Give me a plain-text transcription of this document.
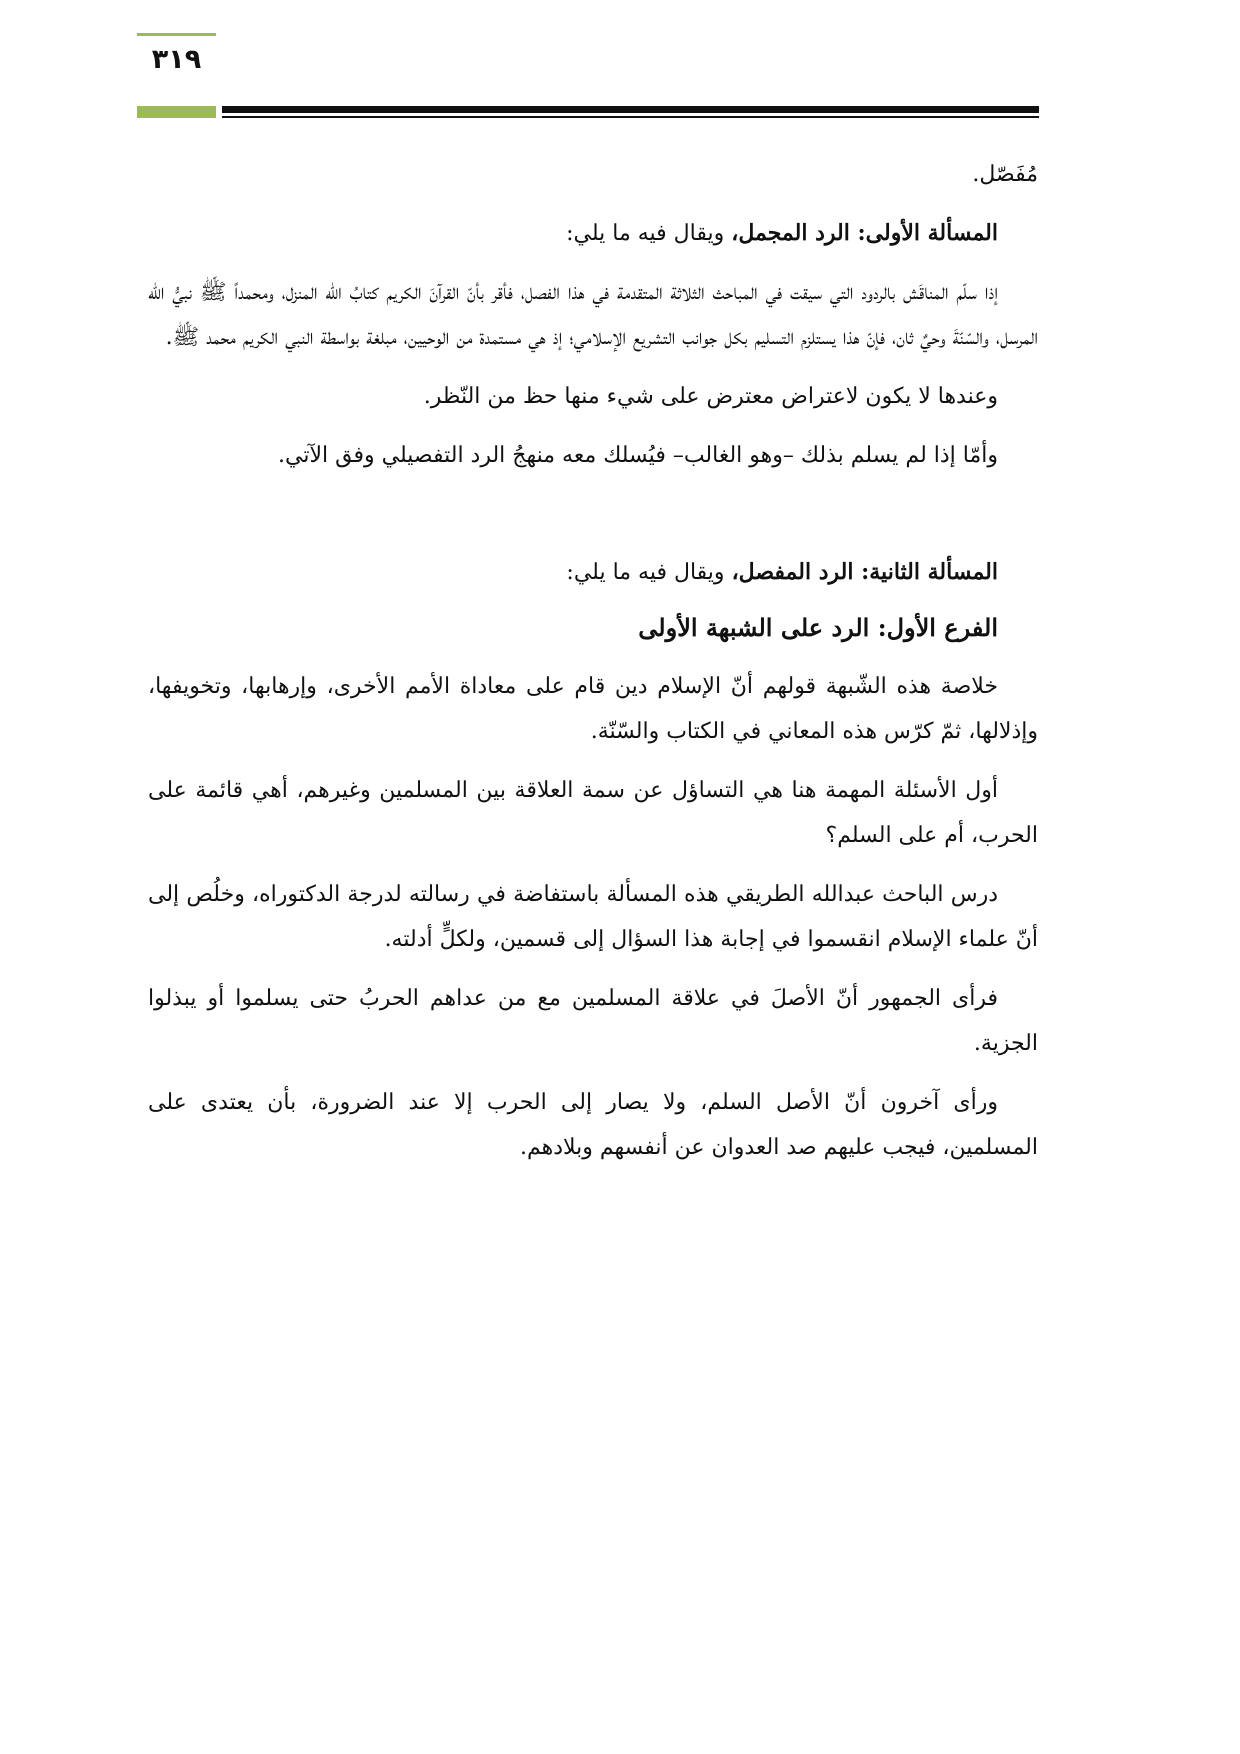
٣١٩

مُفَصّل.

المسألة الأولى: الرد المجمل، ويقال فيه ما يلي:

إذا سلّم المناقَش بالردود التي سيقت في المباحث الثلاثة المتقدمة في هذا الفصل، فأقر بأنّ القرآنَ الكريم كتابُ الله المنزل، ومحمداً ﷺ نبيُّ الله المرسل، والسّنّةَ وحيٌ ثان، فإنّ هذا يستلزم التسليم بكل جوانب التشريع الإسلامي؛ إذ هي مستمدة من الوحيين، مبلغة بواسطة النبي الكريم محمد ﷺ.

وعندها لا يكون لاعتراض معترض على شيء منها حظ من النّظر.

وأمّا إذا لم يسلم بذلك –وهو الغالب– فيُسلك معه منهجُ الرد التفصيلي وفق الآتي.

المسألة الثانية: الرد المفصل، ويقال فيه ما يلي:

الفرع الأول: الرد على الشبهة الأولى

خلاصة هذه الشّبهة قولهم أنّ الإسلام دين قام على معاداة الأمم الأخرى، وإرهابها، وتخويفها، وإذلالها، ثمّ كرّس هذه المعاني في الكتاب والسّنّة.

أول الأسئلة المهمة هنا هي التساؤل عن سمة العلاقة بين المسلمين وغيرهم، أهي قائمة على الحرب، أم على السلم؟

درس الباحث عبدالله الطريقي هذه المسألة باستفاضة في رسالته لدرجة الدكتوراه، وخلُص إلى أنّ علماء الإسلام انقسموا في إجابة هذا السؤال إلى قسمين، ولكلٍّ أدلته.

فرأى الجمهور أنّ الأصلَ في علاقة المسلمين مع من عداهم الحربُ حتى يسلموا أو يبذلوا الجزية.

ورأى آخرون أنّ الأصل السلم، ولا يصار إلى الحرب إلا عند الضرورة، بأن يعتدى على المسلمين، فيجب عليهم صد العدوان عن أنفسهم وبلادهم.
